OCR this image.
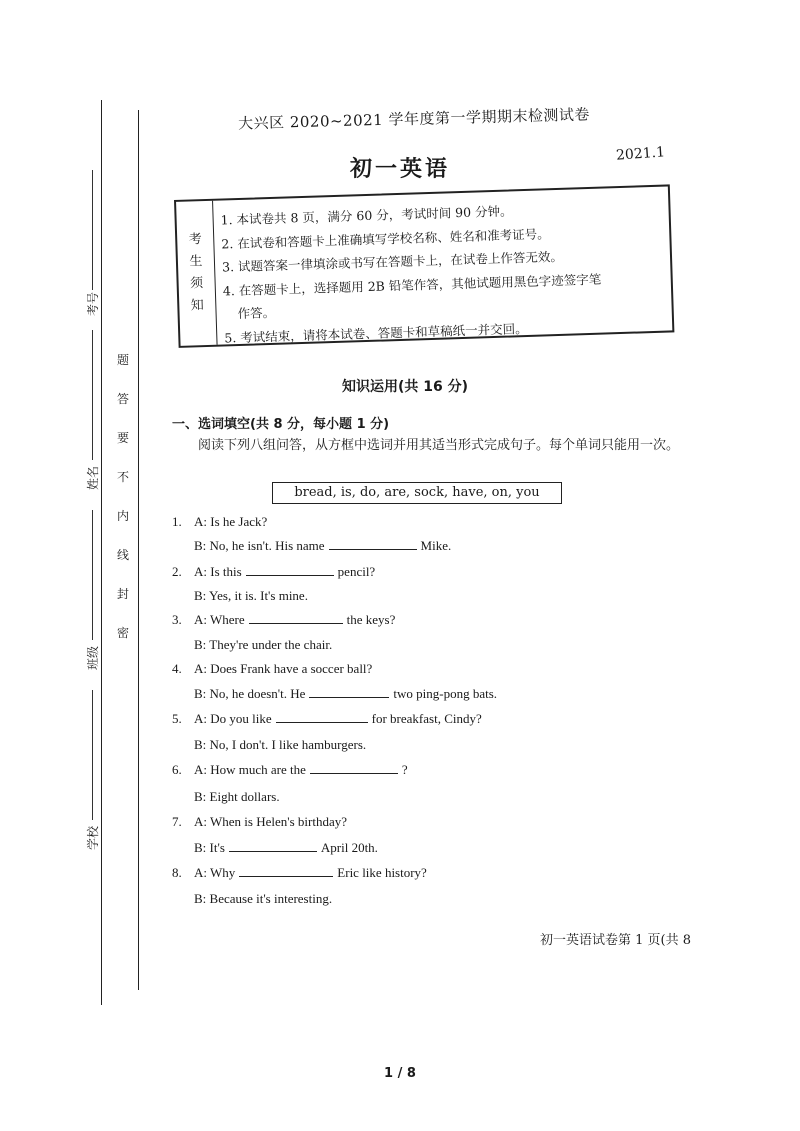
考号
姓名
班级
学校
密
封
线
内
不
要
答
题
大兴区 2020~2021 学年度第一学期期末检测试卷
初一英语
2021.1
考
生
须
知
1. 本试卷共 8 页，满分 60 分，考试时间 90 分钟。
2. 在试卷和答题卡上准确填写学校名称、姓名和准考证号。
3. 试题答案一律填涂或书写在答题卡上，在试卷上作答无效。
4. 在答题卡上，选择题用 2B 铅笔作答，其他试题用黑色字迹签字笔
作答。
5. 考试结束，请将本试卷、答题卡和草稿纸一并交回。
知识运用(共 16 分)
一、选词填空(共 8 分，每小题 1 分)
阅读下列八组问答，从方框中选词并用其适当形式完成句子。每个单词只能用一次。
bread, is, do, are, sock, have, on, you
1. A: Is he Jack?
B: No, he isn't. His name	Mike.
2. A: Is this	pencil?
B: Yes, it is. It's mine.
3. A: Where	the keys?
B: They're under the chair.
4. A: Does Frank have a soccer ball?
B: No, he doesn't. He	two ping-pong bats.
5. A: Do you like	for breakfast, Cindy?
B: No, I don't. I like hamburgers.
6. A: How much are the	?
B: Eight dollars.
7. A: When is Helen's birthday?
B: It's	April 20th.
8. A: Why	Eric like history?
B: Because it's interesting.
初一英语试卷第 1 页(共 8
1 / 8
